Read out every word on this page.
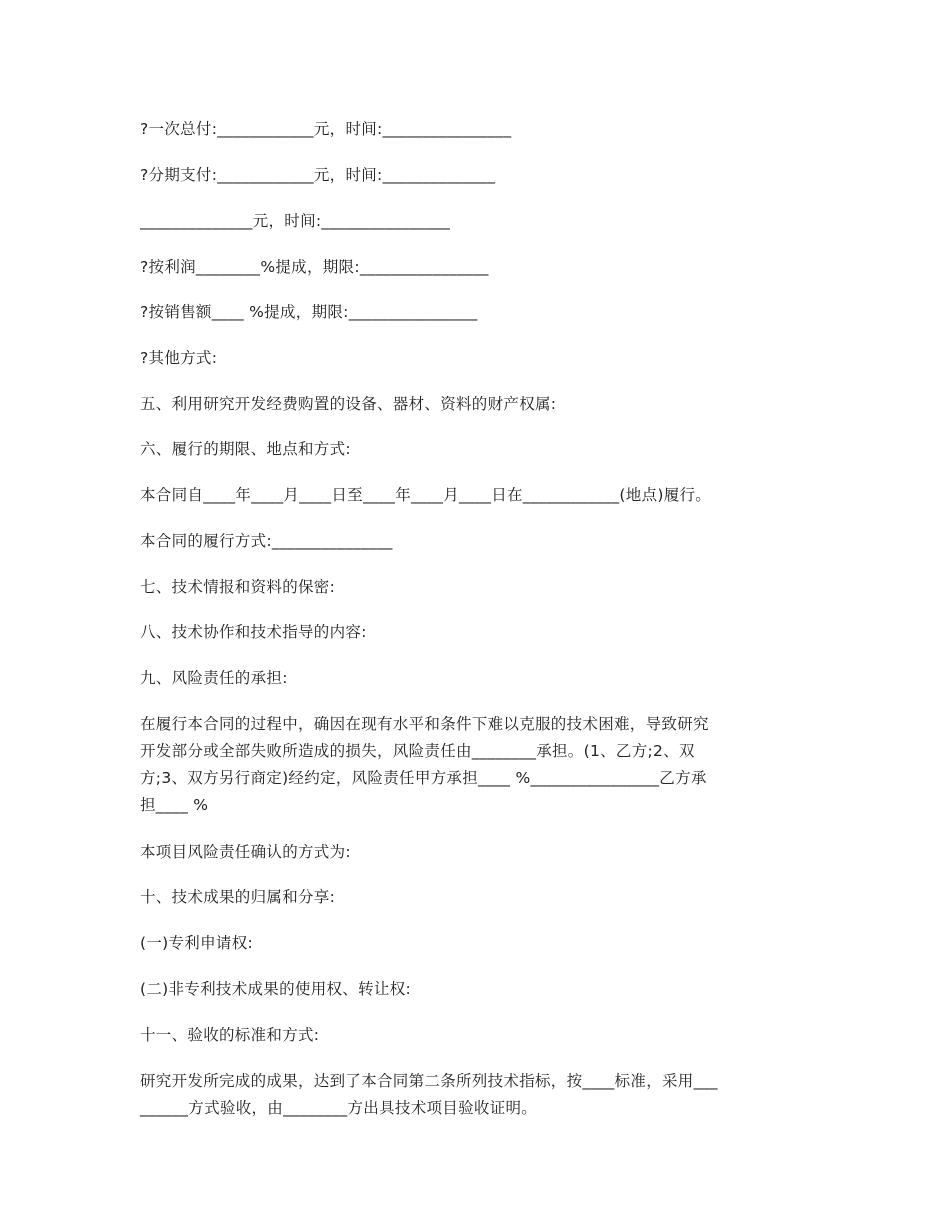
?一次总付:____________元，时间:________________
?分期支付:____________元，时间:______________
______________元，时间:________________
?按利润________%提成，期限:________________
?按销售额____ %提成，期限:________________
?其他方式:
五、利用研究开发经费购置的设备、器材、资料的财产权属:
六、履行的期限、地点和方式:
本合同自____年____月____日至____年____月____日在____________(地点)履行。
本合同的履行方式:_______________
七、技术情报和资料的保密:
八、技术协作和技术指导的内容:
九、风险责任的承担:
在履行本合同的过程中，确因在现有水平和条件下难以克服的技术困难，导致研究
开发部分或全部失败所造成的损失，风险责任由________承担。(1、乙方;2、双
方;3、双方另行商定)经约定，风险责任甲方承担____ %________________乙方承
担____ %
本项目风险责任确认的方式为:
十、技术成果的归属和分享:
(一)专利申请权:
(二)非专利技术成果的使用权、转让权:
十一、验收的标准和方式:
研究开发所完成的成果，达到了本合同第二条所列技术指标，按____标准，采用___
______方式验收，由________方出具技术项目验收证明。
